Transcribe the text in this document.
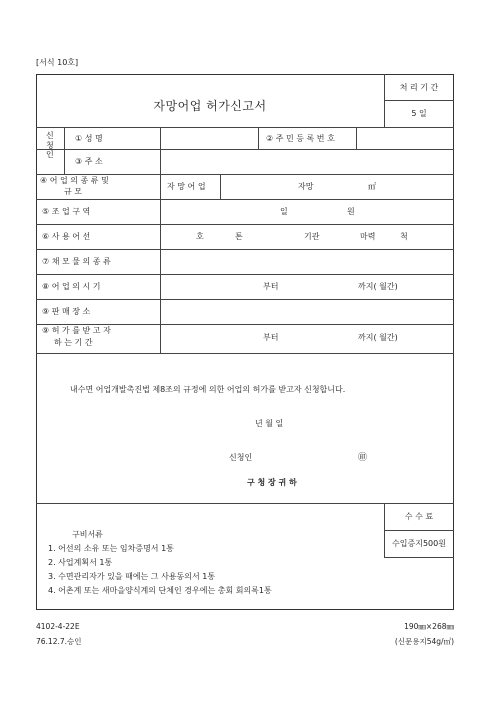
[서식 10호]
자망어업 허가신고서
처 리 기 간
5 일
신
청
인
① 성 명	② 주 민 등 록 번 호
③ 주 소
④ 어 업 의 종 류 및
규 모
자 망 어 업	자망	㎡
⑤ 조 업 구 역	일	원
⑥ 사 용 어 선	호	톤	기관	마력	척
⑦ 채 모 물 의 종 류
⑧ 어 업 의 시 기	부터	까지( 월간)
⑨ 판 매 장 소
⑨ 허 가 를 받 고 자
하 는 기 간
부터	까지( 월간)
내수면 어업개발촉진법 제8조의 규정에 의한 어업의 허가를 받고자 신청합니다.
년 월 일
신청인	㊞
구 청 장 귀 하
수 수 료
수입증지500원
구비서류
1. 어선의 소유 또는 임차증명서 1통
2. 사업계획서 1통
3. 수면관리자가 있을 때에는 그 사용동의서 1통
4. 어촌계 또는 새마을양식계의 단체인 경우에는 총회 회의록1통
4102-4-22E
76.12.7.승인
190㎜×268㎜
(신문용지54g/㎡)
